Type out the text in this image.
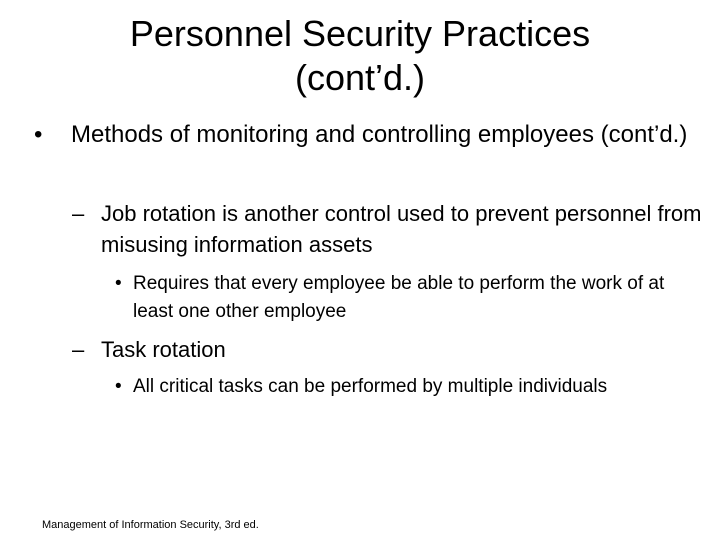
Personnel Security Practices
(cont’d.)
• Methods of monitoring and controlling employees (cont’d.)
– Job rotation is another control used to prevent personnel from misusing information assets
• Requires that every employee be able to perform the work of at least one other employee
– Task rotation
• All critical tasks can be performed by multiple individuals
Management of Information Security, 3rd ed.
